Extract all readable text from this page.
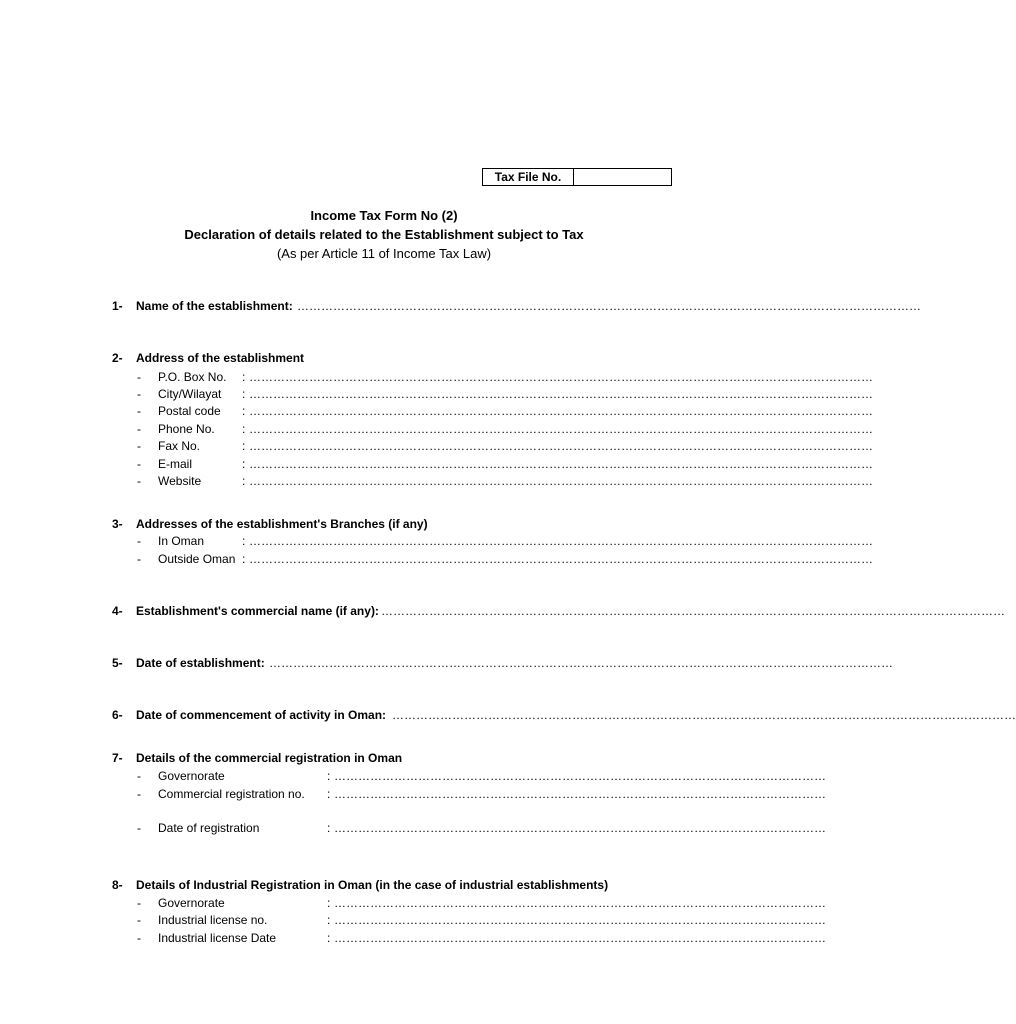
Tax File No.
Income Tax Form No (2)
Declaration of details related to the Establishment subject to Tax
(As per Article 11 of Income Tax Law)
1- Name of the establishment: …………………………………………………………………………………………………………………………………………
2- Address of the establishment
- P.O. Box No. : …………………………………………………………………………………………………………………………………………
- City/Wilayat : …………………………………………………………………………………………………………………………………………
- Postal code : …………………………………………………………………………………………………………………………………………
- Phone No. : …………………………………………………………………………………………………………………………………………
- Fax No.	: …………………………………………………………………………………………………………………………………………
- E-mail	: …………………………………………………………………………………………………………………………………………
- Website	: …………………………………………………………………………………………………………………………………………
3- Addresses of the establishment's Branches (if any)
- In Oman	: …………………………………………………………………………………………………………………………………………
- Outside Oman : …………………………………………………………………………………………………………………………………………
4- Establishment's commercial name (if any): …………………………………………………………………………………………………………………………………………
5- Date of establishment: …………………………………………………………………………………………………………………………………………
6- Date of commencement of activity in Oman: …………………………………………………………………………………………………………………………………………
7- Details of the commercial registration in Oman
- Governorate	: ……………………………………………………………………………………………………………
- Commercial registration no. : ……………………………………………………………………………………………………………
- Date of registration	: ……………………………………………………………………………………………………………
8- Details of Industrial Registration in Oman (in the case of industrial establishments)
- Governorate	: ……………………………………………………………………………………………………………
- Industrial license no.	: ……………………………………………………………………………………………………………
- Industrial license Date	: ……………………………………………………………………………………………………………
